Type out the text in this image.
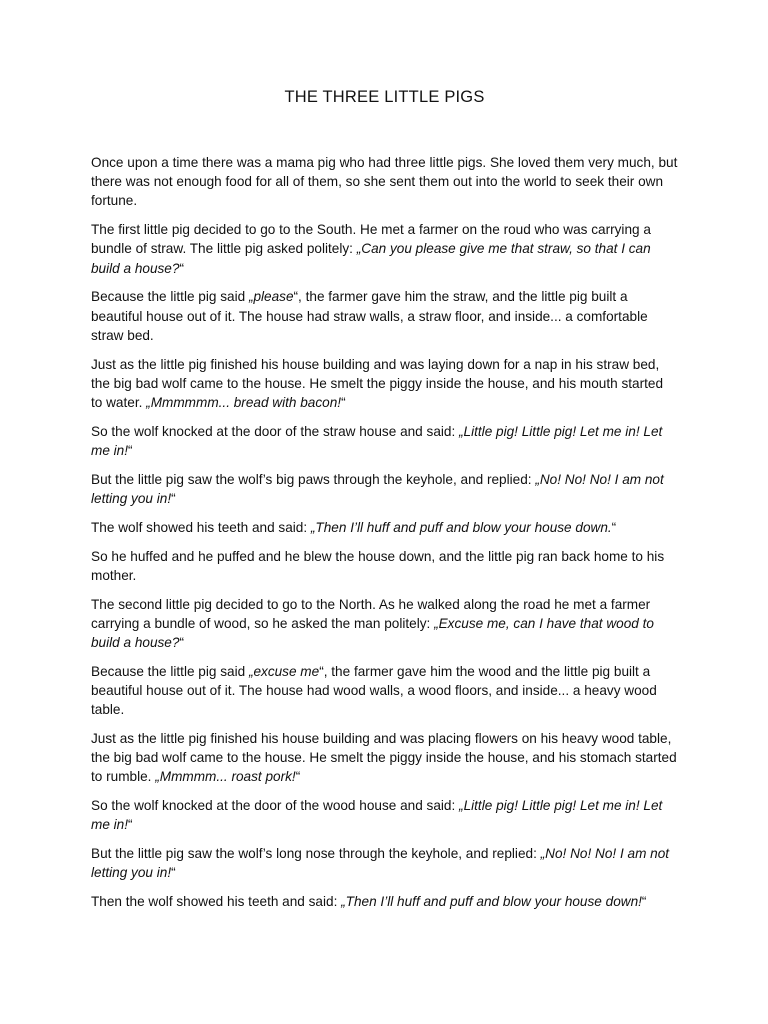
THE THREE LITTLE PIGS

Once upon a time there was a mama pig who had three little pigs. She loved them very much, but there was not enough food for all of them, so she sent them out into the world to seek their own fortune.

The first little pig decided to go to the South. He met a farmer on the roud who was carrying a bundle of straw. The little pig asked politely: „Can you please give me that straw, so that I can build a house?“

Because the little pig said „please“, the farmer gave him the straw, and the little pig built a beautiful house out of it. The house had straw walls, a straw floor, and inside... a comfortable straw bed.

Just as the little pig finished his house building and was laying down for a nap in his straw bed, the big bad wolf came to the house. He smelt the piggy inside the house, and his mouth started to water. „Mmmmmm... bread with bacon!“

So the wolf knocked at the door of the straw house and said: „Little pig! Little pig! Let me in! Let me in!“

But the little pig saw the wolf’s big paws through the keyhole, and replied: „No! No! No! I am not letting you in!“

The wolf showed his teeth and said: „Then I’ll huff and puff and blow your house down.“

So he huffed and he puffed and he blew the house down, and the little pig ran back home to his mother.

The second little pig decided to go to the North. As he walked along the road he met a farmer carrying a bundle of wood, so he asked the man politely: „Excuse me, can I have that wood to build a house?“

Because the little pig said „excuse me“, the farmer gave him the wood and the little pig built a beautiful house out of it. The house had wood walls, a wood floors, and inside... a heavy wood table.

Just as the little pig finished his house building and was placing flowers on his heavy wood table, the big bad wolf came to the house. He smelt the piggy inside the house, and his stomach started to rumble. „Mmmmm... roast pork!“

So the wolf knocked at the door of the wood house and said: „Little pig! Little pig! Let me in! Let me in!“

But the little pig saw the wolf’s long nose through the keyhole, and replied: „No! No! No! I am not letting you in!“

Then the wolf showed his teeth and said: „Then I’ll huff and puff and blow your house down!“
